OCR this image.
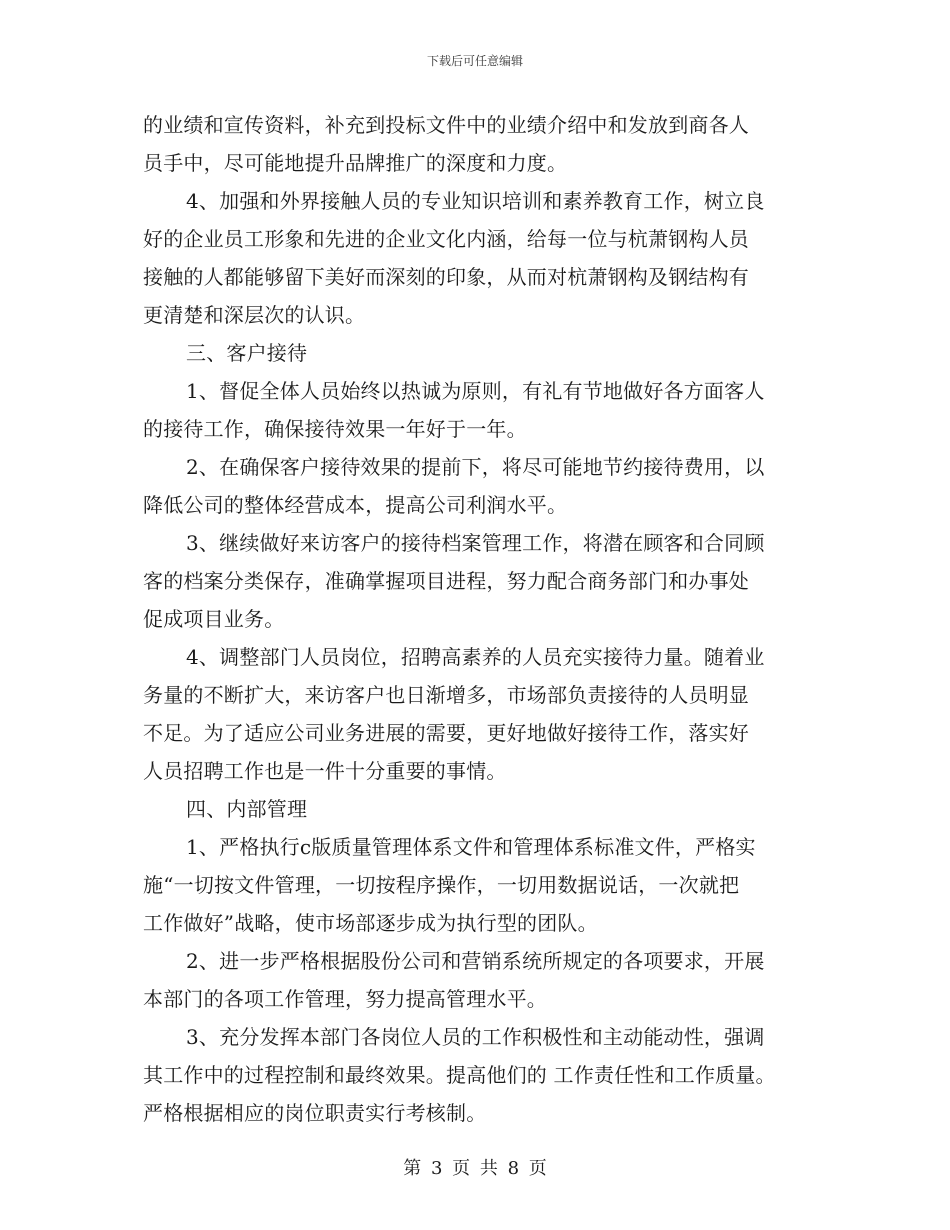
下载后可任意编辑
的业绩和宣传资料，补充到投标文件中的业绩介绍中和发放到商各人
员手中，尽可能地提升品牌推广的深度和力度。
4、加强和外界接触人员的专业知识培训和素养教育工作，树立良
好的企业员工形象和先进的企业文化内涵，给每一位与杭萧钢构人员
接触的人都能够留下美好而深刻的印象，从而对杭萧钢构及钢结构有
更清楚和深层次的认识。
三、客户接待
1、督促全体人员始终以热诚为原则，有礼有节地做好各方面客人
的接待工作，确保接待效果一年好于一年。
2、在确保客户接待效果的提前下，将尽可能地节约接待费用，以
降低公司的整体经营成本，提高公司利润水平。
3、继续做好来访客户的接待档案管理工作，将潜在顾客和合同顾
客的档案分类保存，准确掌握项目进程，努力配合商务部门和办事处
促成项目业务。
4、调整部门人员岗位，招聘高素养的人员充实接待力量。随着业
务量的不断扩大，来访客户也日渐增多，市场部负责接待的人员明显
不足。为了适应公司业务进展的需要，更好地做好接待工作，落实好
人员招聘工作也是一件十分重要的事情。
四、内部管理
1、严格执行c版质量管理体系文件和管理体系标准文件，严格实
施“一切按文件管理，一切按程序操作，一切用数据说话，一次就把
工作做好”战略，使市场部逐步成为执行型的团队。
2、进一步严格根据股份公司和营销系统所规定的各项要求，开展
本部门的各项工作管理，努力提高管理水平。
3、充分发挥本部门各岗位人员的工作积极性和主动能动性，强调
其工作中的过程控制和最终效果。提高他们的 工作责任性和工作质量。
严格根据相应的岗位职责实行考核制。
第 3 页 共 8 页
